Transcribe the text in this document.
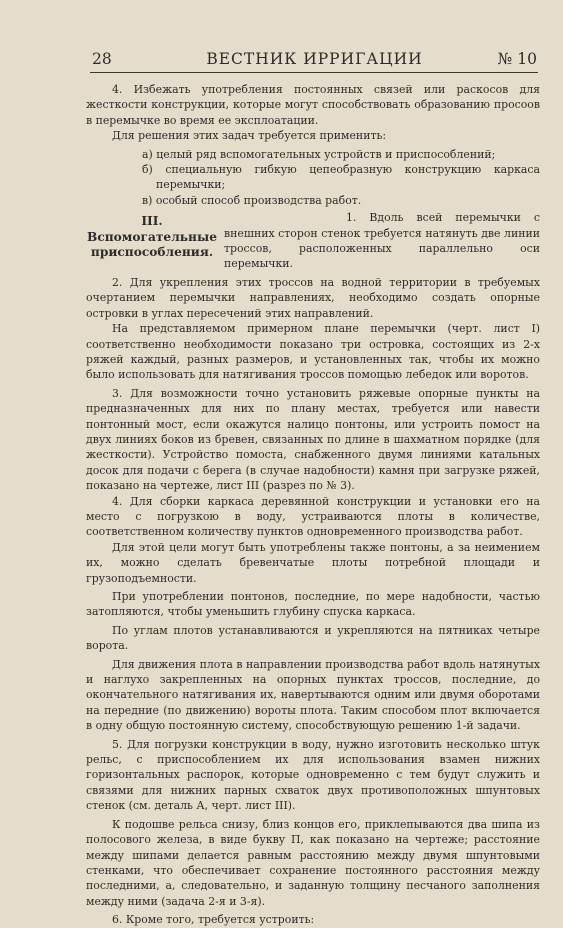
28	ВЕСТНИК ИРРИГАЦИИ	№ 10

4. Избежать употребления постоянных связей или раскосов для жесткости конструкции, которые могут способствовать образованию просоов в перемычке во время ее эксплоатации.

Для решения этих задач требуется применить:

а) целый ряд вспомогательных устройств и приспособлений;

б) специальную гибкую цепеобразную конструкцию каркаса перемычки;

в) особый способ производства работ.

III. Вспомогательные приспособления.

1. Вдоль всей перемычки с внешних сторон стенок требуется натянуть две линии троссов, расположенных параллельно оси перемычки.

2. Для укрепления этих троссов на водной территории в требуемых очертанием перемычки направлениях, необходимо создать опорные островки в углах пересечений этих направлений.

На представляемом примерном плане перемычки (черт. лист I) соответственно необходимости показано три островка, состоящих из 2-х ряжей каждый, разных размеров, и установленных так, чтобы их можно было использовать для натягивания троссов помощью лебедок или воротов.

3. Для возможности точно установить ряжевые опорные пункты на предназначенных для них по плану местах, требуется или навести понтонный мост, если окажутся налицо понтоны, или устроить помост на двух линиях боков из бревен, связанных по длине в шахматном порядке (для жесткости). Устройство помоста, снабженного двумя линиями катальных досок для подачи с берега (в случае надобности) камня при загрузке ряжей, показано на чертеже, лист III (разрез по № 3).

4. Для сборки каркаса деревянной конструкции и установки его на место с погрузкою в воду, устраиваются плоты в количестве, соответственном количеству пунктов одновременного производства работ.

Для этой цели могут быть употреблены также понтоны, а за неимением их, можно сделать бревенчатые плоты потребной площади и грузоподъемности.

При употреблении понтонов, последние, по мере надобности, частью затопляются, чтобы уменьшить глубину спуска каркаса.

По углам плотов устанавливаются и укрепляются на пятниках четыре ворота.

Для движения плота в направлении производства работ вдоль натянутых и наглухо закрепленных на опорных пунктах троссов, последние, до окончательного натягивания их, навертываются одним или двумя оборотами на передние (по движению) вороты плота. Таким способом плот включается в одну общую постоянную систему, способствующую решению 1-й задачи.

5. Для погрузки конструкции в воду, нужно изготовить несколько штук рельс, с приспособлением их для использования взамен нижних горизонтальных распорок, которые одновременно с тем будут служить и связями для нижних парных схваток двух противоположных шпунтовых стенок (см. деталь А, черт. лист III).

К подошве рельса снизу, близ концов его, приклепываются два шипа из полосового железа, в виде букву П, как показано на чертеже; расстояние между шипами делается равным расстоянию между двумя шпунтовыми стенками, что обеспечивает сохранение постоянного расстояния между последними, а, следовательно, и заданную толщину песчаного заполнения между ними (задача 2-я и 3-я).

6. Кроме того, требуется устроить:
